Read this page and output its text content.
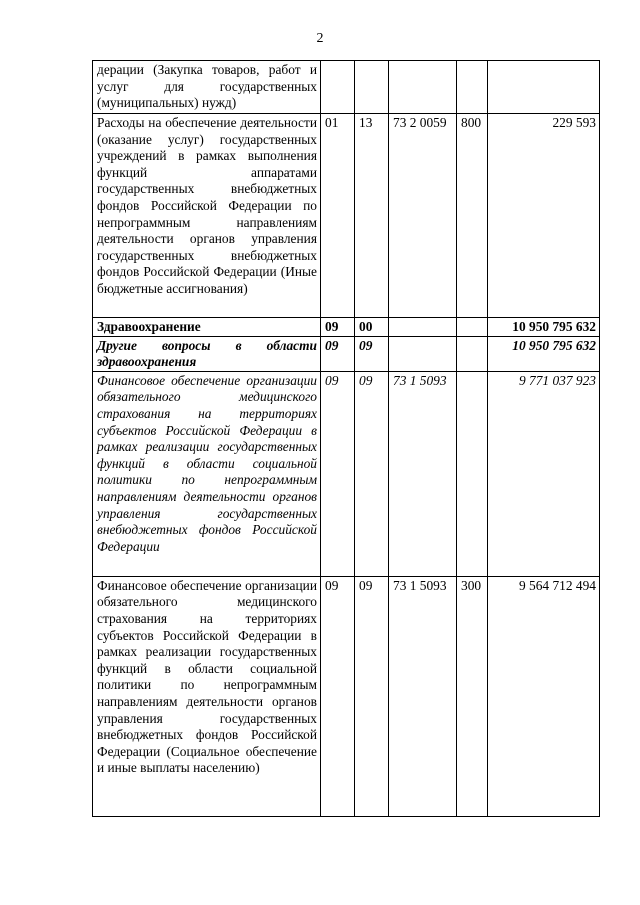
2
дерации (Закупка товаров, работ и услуг для государственных (муниципальных) нужд)					
Расходы на обеспечение деятельности (оказание услуг) государственных учреждений в рамках выполнения функций аппаратами государственных внебюджетных фондов Российской Федерации по непрограммным направлениям деятельности органов управления государственных внебюджетных фондов Российской Федерации (Иные бюджетные ассигнования)	01	13	73 2 0059	800	229 593
Здравоохранение	09	00			10 950 795 632
Другие вопросы в области здравоохранения	09	09			10 950 795 632
Финансовое обеспечение организации обязательного медицинского страхования на территориях субъектов Российской Федерации в рамках реализации государственных функций в области социальной политики по непрограммным направлениям деятельности органов управления государственных внебюджетных фондов Российской Федерации	09	09	73 1 5093		9 771 037 923
Финансовое обеспечение организации обязательного медицинского страхования на территориях субъектов Российской Федерации в рамках реализации государственных функций в области социальной политики по непрограммным направлениям деятельности органов управления государственных внебюджетных фондов Российской Федерации (Социальное обеспечение и иные выплаты населению)	09	09	73 1 5093	300	9 564 712 494
